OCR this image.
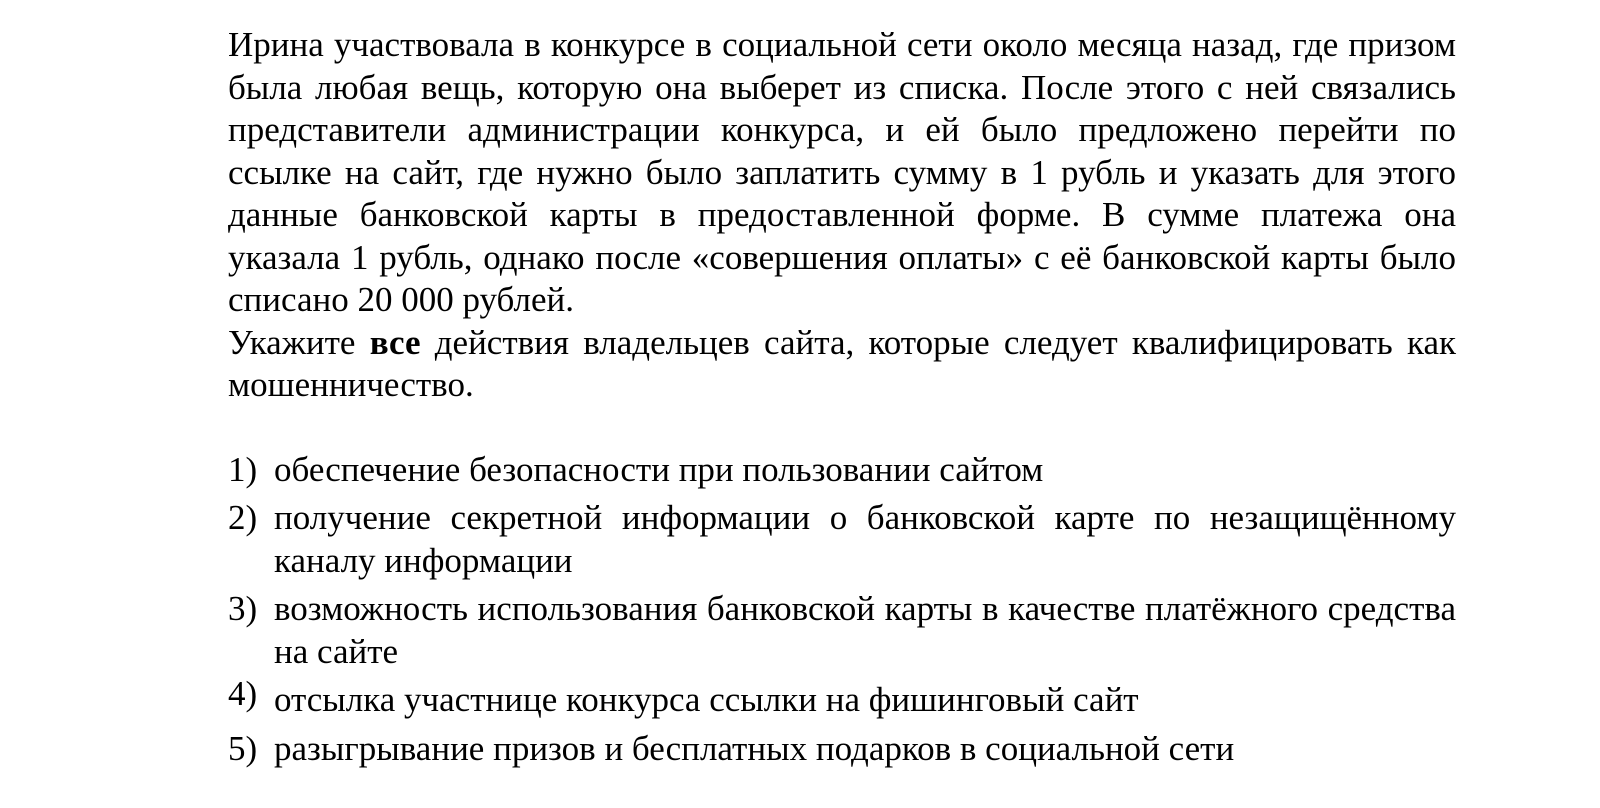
Ирина участвовала в конкурсе в социальной сети около месяца назад, где призом была любая вещь, которую она выберет из списка. После этого с ней связались представители администрации конкурса, и ей было предложено перейти по ссылке на сайт, где нужно было заплатить сумму в 1 рубль и указать для этого данные банковской карты в предоставленной форме. В сумме платежа она указала 1 рубль, однако после «совершения оплаты» с её банковской карты было списано 20 000 рублей.

Укажите все действия владельцев сайта, которые следует квалифицировать как мошенничество.

1) обеспечение безопасности при пользовании сайтом
2) получение секретной информации о банковской карте по незащищённому каналу информации
3) возможность использования банковской карты в качестве платёжного средства на сайте
4) отсылка участнице конкурса ссылки на фишинговый сайт
5) разыгрывание призов и бесплатных подарков в социальной сети
